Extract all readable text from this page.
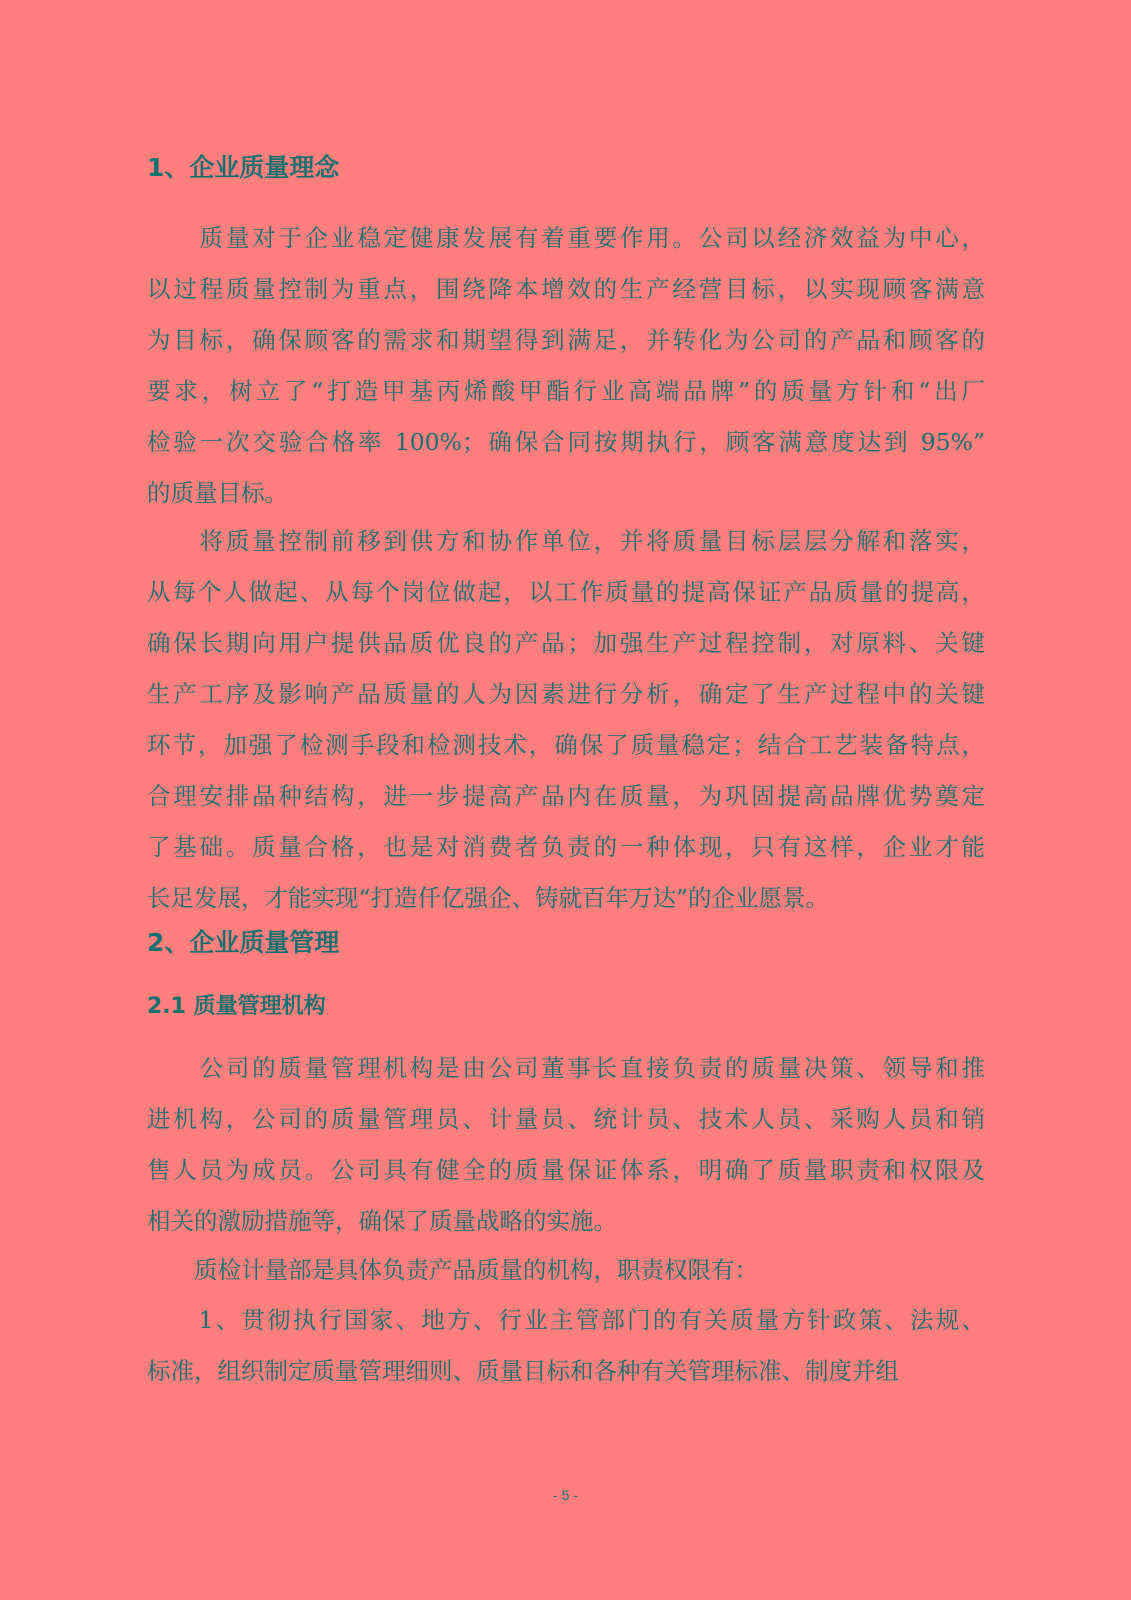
1、企业质量理念
　　质量对于企业稳定健康发展有着重要作用。公司以经济效益为中心，
以过程质量控制为重点，围绕降本增效的生产经营目标，以实现顾客满意
为目标，确保顾客的需求和期望得到满足，并转化为公司的产品和顾客的
要求，树立了“打造甲基丙烯酸甲酯行业高端品牌”的质量方针和“出厂
检验一次交验合格率 100%；确保合同按期执行，顾客满意度达到 95%”
的质量目标。
　　将质量控制前移到供方和协作单位，并将质量目标层层分解和落实，
从每个人做起、从每个岗位做起，以工作质量的提高保证产品质量的提高，
确保长期向用户提供品质优良的产品；加强生产过程控制，对原料、关键
生产工序及影响产品质量的人为因素进行分析，确定了生产过程中的关键
环节，加强了检测手段和检测技术，确保了质量稳定；结合工艺装备特点，
合理安排品种结构，进一步提高产品内在质量，为巩固提高品牌优势奠定
了基础。质量合格，也是对消费者负责的一种体现，只有这样，企业才能
长足发展，才能实现“打造仟亿强企、铸就百年万达”的企业愿景。
2、企业质量管理
2.1 质量管理机构
　　公司的质量管理机构是由公司董事长直接负责的质量决策、领导和推
进机构，公司的质量管理员、计量员、统计员、技术人员、采购人员和销
售人员为成员。公司具有健全的质量保证体系，明确了质量职责和权限及
相关的激励措施等，确保了质量战略的实施。
　　质检计量部是具体负责产品质量的机构，职责权限有：
　　1、贯彻执行国家、地方、行业主管部门的有关质量方针政策、法规、
标准，组织制定质量管理细则、质量目标和各种有关管理标准、制度并组
- 5 -
